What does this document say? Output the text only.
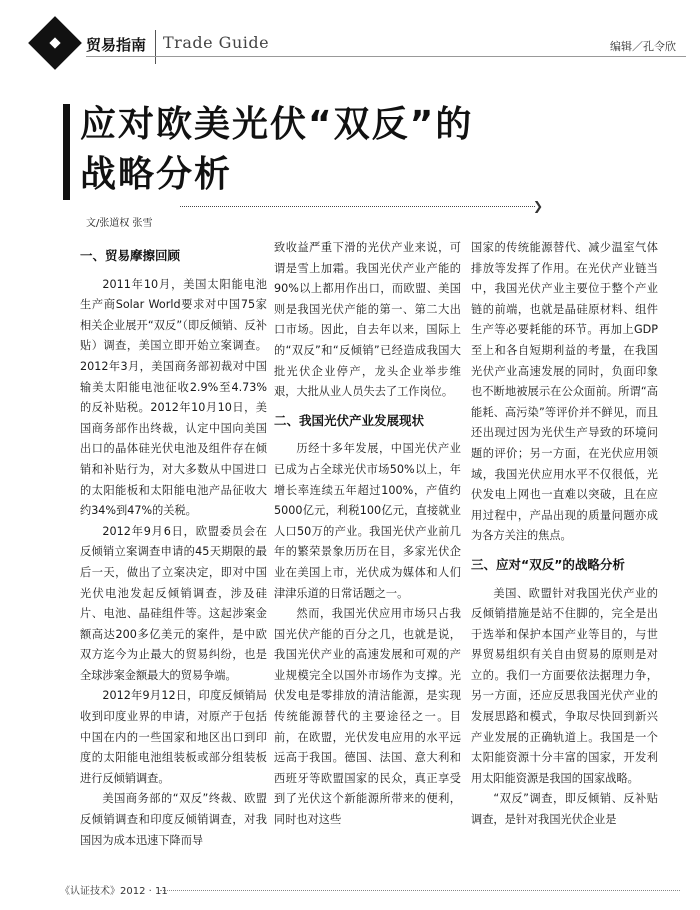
贸易指南 Trade Guide	编辑／孔令欣
应对欧美光伏“双反”的
战略分析
文/张道权 张雪
❯
一、贸易摩擦回顾

2011年10月，美国太阳能电池生产商Solar World要求对中国75家相关企业展开“双反”（即反倾销、反补贴）调查，美国立即开始立案调查。2012年3月，美国商务部初裁对中国输美太阳能电池征收2.9%至4.73%的反补贴税。2012年10月10日，美国商务部作出终裁，认定中国向美国出口的晶体硅光伏电池及组件存在倾销和补贴行为，对大多数从中国进口的太阳能板和太阳能电池产品征收大约34%到47%的关税。

2012年9月6日，欧盟委员会在反倾销立案调查申请的45天期限的最后一天，做出了立案决定，即对中国光伏电池发起反倾销调查，涉及硅片、电池、晶硅组件等。这起涉案金额高达200多亿美元的案件，是中欧双方迄今为止最大的贸易纠纷，也是全球涉案金额最大的贸易争端。

2012年9月12日，印度反倾销局收到印度业界的申请，对原产于包括中国在内的一些国家和地区出口到印度的太阳能电池组装板或部分组装板进行反倾销调查。

美国商务部的“双反”终裁、欧盟反倾销调查和印度反倾销调查，对我国因为成本迅速下降而导

致收益严重下滑的光伏产业来说，可谓是雪上加霜。我国光伏产业产能的90%以上都用作出口，而欧盟、美国则是我国光伏产能的第一、第二大出口市场。因此，自去年以来，国际上的“双反”和“反倾销”已经造成我国大批光伏企业停产，龙头企业举步维艰，大批从业人员失去了工作岗位。

二、我国光伏产业发展现状

历经十多年发展，中国光伏产业已成为占全球光伏市场50%以上，年增长率连续五年超过100%，产值约5000亿元，利税100亿元，直接就业人口50万的产业。我国光伏产业前几年的繁荣景象历历在目，多家光伏企业在美国上市，光伏成为媒体和人们津津乐道的日常话题之一。

然而，我国光伏应用市场只占我国光伏产能的百分之几，也就是说，我国光伏产业的高速发展和可观的产业规模完全以国外市场作为支撑。光伏发电是零排放的清洁能源，是实现传统能源替代的主要途径之一。目前，在欧盟，光伏发电应用的水平远远高于我国。德国、法国、意大利和西班牙等欧盟国家的民众，真正享受到了光伏这个新能源所带来的便利，同时也对这些

国家的传统能源替代、减少温室气体排放等发挥了作用。在光伏产业链当中，我国光伏产业主要位于整个产业链的前端，也就是晶硅原材料、组件生产等必要耗能的环节。再加上GDP至上和各自短期利益的考量，在我国光伏产业高速发展的同时，负面印象也不断地被展示在公众面前。所谓“高能耗、高污染”等评价并不鲜见，而且还出现过因为光伏生产导致的环境问题的评价；另一方面，在光伏应用领域，我国光伏应用水平不仅很低，光伏发电上网也一直难以突破，且在应用过程中，产品出现的质量问题亦成为各方关注的焦点。

三、应对“双反”的战略分析

美国、欧盟针对我国光伏产业的反倾销措施是站不住脚的，完全是出于选举和保护本国产业等目的，与世界贸易组织有关自由贸易的原则是对立的。我们一方面要依法据理力争，另一方面，还应反思我国光伏产业的发展思路和模式，争取尽快回到新兴产业发展的正确轨道上。我国是一个太阳能资源十分丰富的国家，开发利用太阳能资源是我国的国家战略。

“双反”调查，即反倾销、反补贴调查，是针对我国光伏企业是

《认证技术》2012 · 11
